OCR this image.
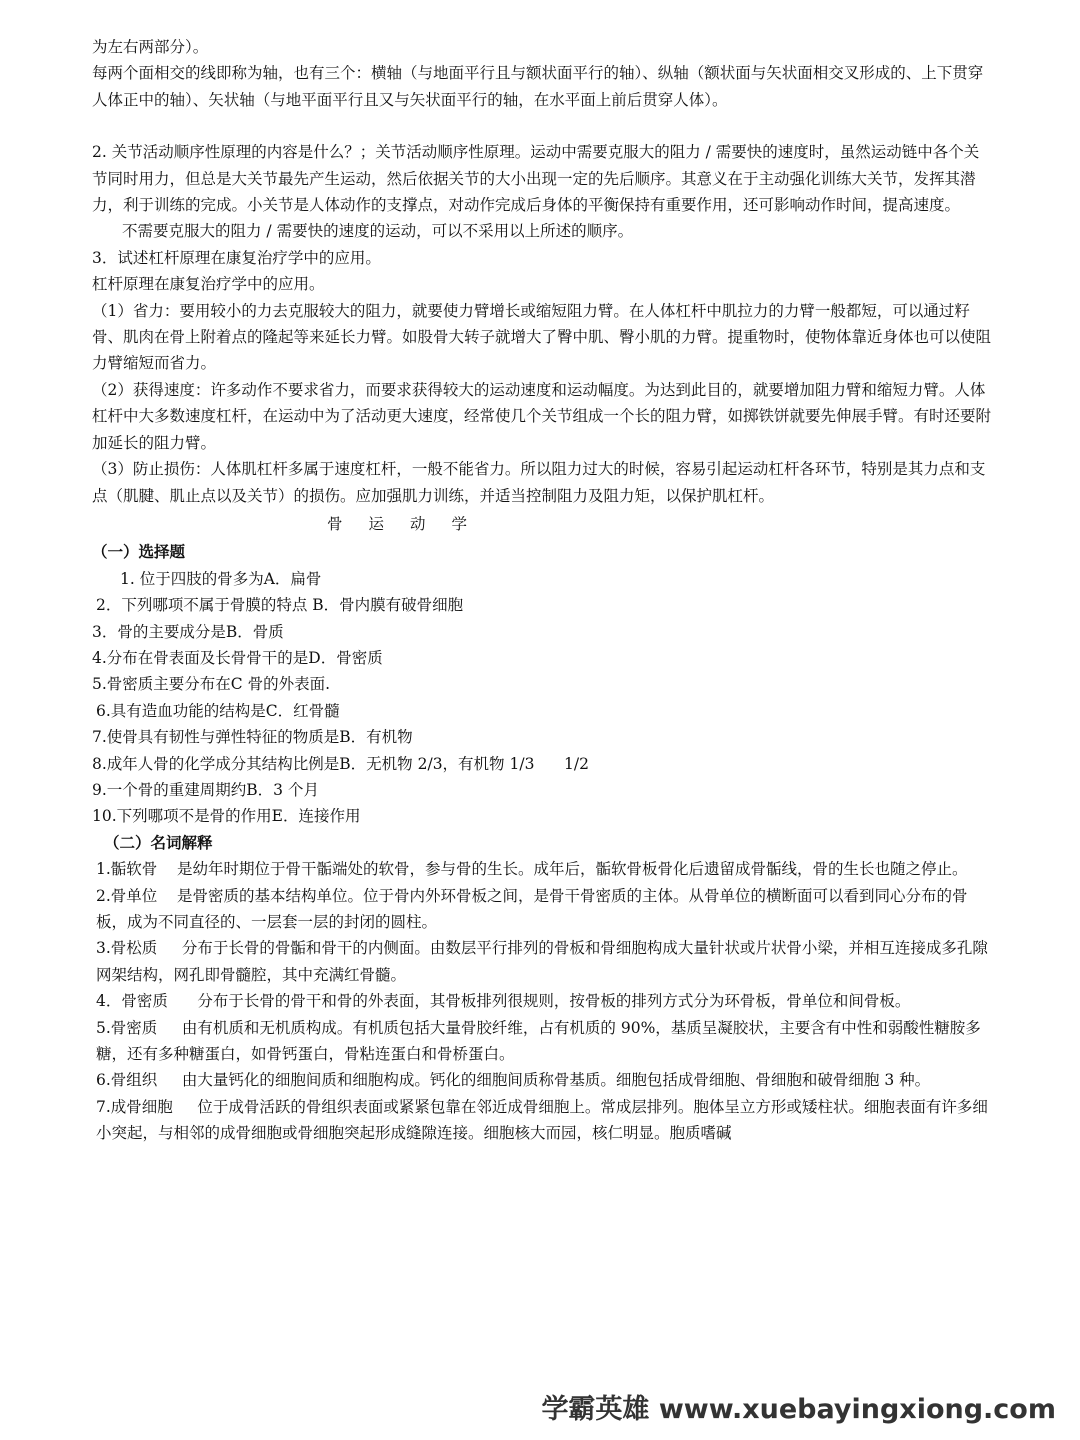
为左右两部分）。

每两个面相交的线即称为轴，也有三个：横轴（与地面平行且与额状面平行的轴）、纵轴（额状面与矢状面相交叉形成的、上下贯穿人体正中的轴）、矢状轴（与地平面平行且又与矢状面平行的轴，在水平面上前后贯穿人体）。

2. 关节活动顺序性原理的内容是什么？；关节活动顺序性原理。运动中需要克服大的阻力 / 需要快的速度时，虽然运动链中各个关节同时用力，但总是大关节最先产生运动，然后依据关节的大小出现一定的先后顺序。其意义在于主动强化训练大关节，发挥其潜力，利于训练的完成。小关节是人体动作的支撑点，对动作完成后身体的平衡保持有重要作用，还可影响动作时间，提高速度。

不需要克服大的阻力 / 需要快的速度的运动，可以不采用以上所述的顺序。

3．试述杠杆原理在康复治疗学中的应用。

杠杆原理在康复治疗学中的应用。

（1）省力：要用较小的力去克服较大的阻力，就要使力臂增长或缩短阻力臂。在人体杠杆中肌拉力的力臂一般都短，可以通过籽骨、肌肉在骨上附着点的隆起等来延长力臂。如股骨大转子就增大了臀中肌、臀小肌的力臂。提重物时，使物体靠近身体也可以使阻力臂缩短而省力。

（2）获得速度：许多动作不要求省力，而要求获得较大的运动速度和运动幅度。为达到此目的，就要增加阻力臂和缩短力臂。人体杠杆中大多数速度杠杆，在运动中为了活动更大速度，经常使几个关节组成一个长的阻力臂，如掷铁饼就要先伸展手臂。有时还要附加延长的阻力臂。

（3）防止损伤：人体肌杠杆多属于速度杠杆，一般不能省力。所以阻力过大的时候，容易引起运动杠杆各环节，特别是其力点和支点（肌腱、肌止点以及关节）的损伤。应加强肌力训练，并适当控制阻力及阻力矩，以保护肌杠杆。

骨运动学

（一）选择题

1. 位于四肢的骨多为A．扁骨

2．下列哪项不属于骨膜的特点 B．骨内膜有破骨细胞

3．骨的主要成分是B．骨质

4.分布在骨表面及长骨骨干的是D．骨密质

5.骨密质主要分布在C 骨的外表面.

6.具有造血功能的结构是C．红骨髓

7.使骨具有韧性与弹性特征的物质是B．有机物

8.成年人骨的化学成分其结构比例是B．无机物 2/3，有机物 1/3      1/2

9.一个骨的重建周期约B．3 个月

10.下列哪项不是骨的作用E．连接作用

（二）名词解释

1.骺软骨    是幼年时期位于骨干骺端处的软骨，参与骨的生长。成年后，骺软骨板骨化后遗留成骨骺线，骨的生长也随之停止。

2.骨单位    是骨密质的基本结构单位。位于骨内外环骨板之间，是骨干骨密质的主体。从骨单位的横断面可以看到同心分布的骨板，成为不同直径的、一层套一层的封闭的圆柱。

3.骨松质     分布于长骨的骨骺和骨干的内侧面。由数层平行排列的骨板和骨细胞构成大量针状或片状骨小梁，并相互连接成多孔隙网架结构，网孔即骨髓腔，其中充满红骨髓。

4．骨密质      分布于长骨的骨干和骨的外表面，其骨板排列很规则，按骨板的排列方式分为环骨板，骨单位和间骨板。

5.骨密质     由有机质和无机质构成。有机质包括大量骨胶纤维，占有机质的 90%，基质呈凝胶状，主要含有中性和弱酸性糖胺多糖，还有多种糖蛋白，如骨钙蛋白，骨粘连蛋白和骨桥蛋白。

6.骨组织     由大量钙化的细胞间质和细胞构成。钙化的细胞间质称骨基质。细胞包括成骨细胞、骨细胞和破骨细胞 3 种。

7.成骨细胞     位于成骨活跃的骨组织表面或紧紧包靠在邻近成骨细胞上。常成层排列。胞体呈立方形或矮柱状。细胞表面有许多细小突起，与相邻的成骨细胞或骨细胞突起形成缝隙连接。细胞核大而园，核仁明显。胞质嗜碱

学霸英雄 www.xuebayingxiong.com
